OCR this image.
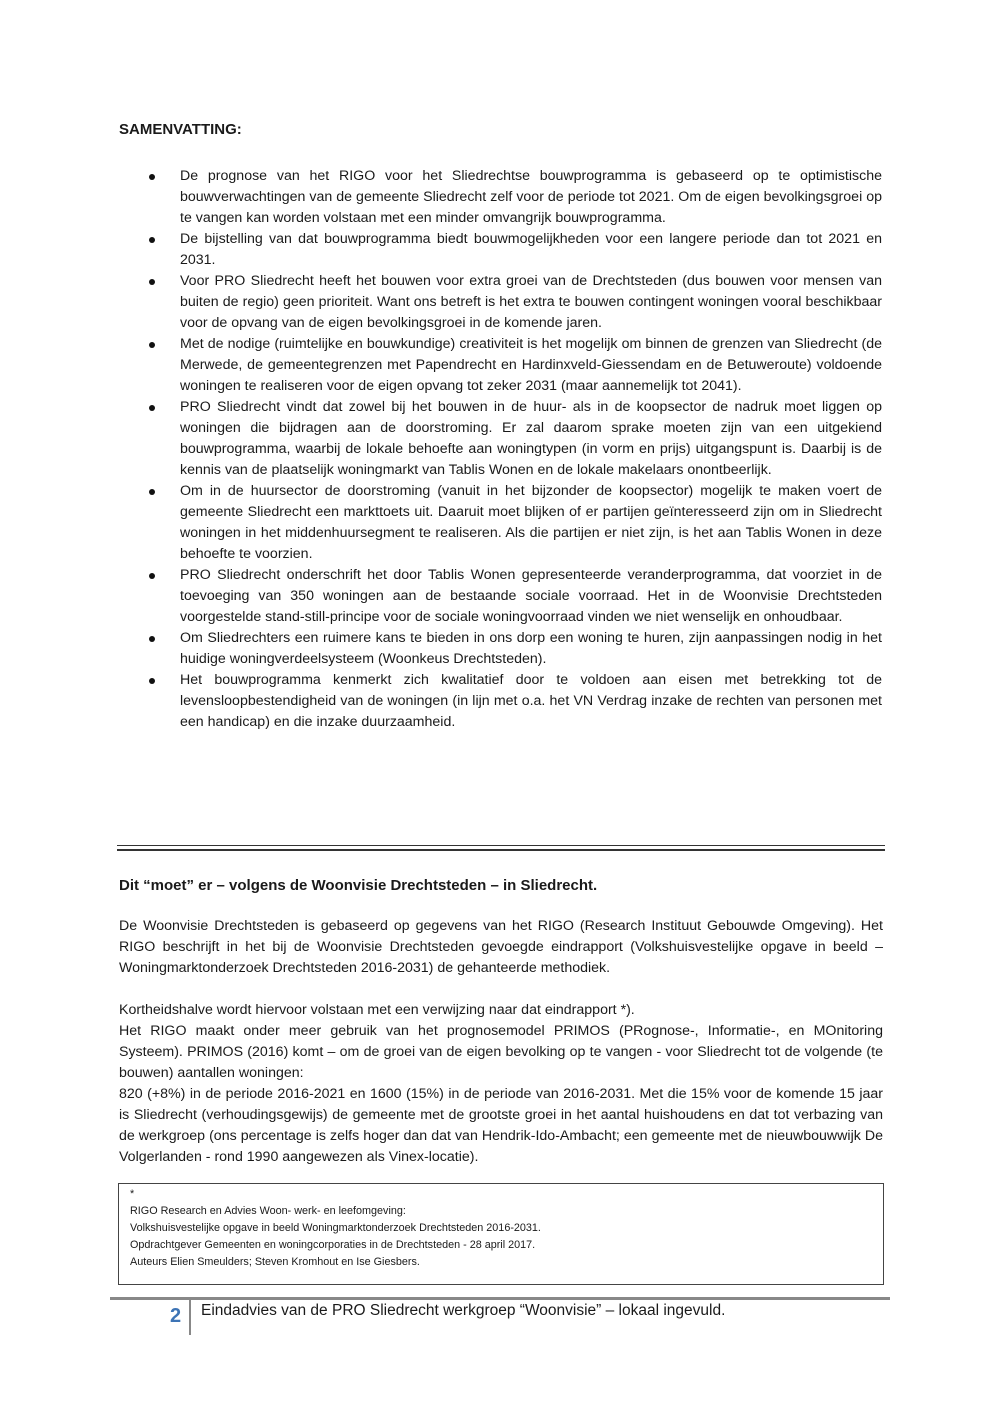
SAMENVATTING:
De prognose van het RIGO voor het Sliedrechtse bouwprogramma is gebaseerd op te optimistische bouwverwachtingen van de gemeente Sliedrecht zelf voor de periode tot 2021. Om de eigen bevolkingsgroei op te vangen kan worden volstaan met een minder omvangrijk bouwprogramma.
De bijstelling van dat bouwprogramma biedt bouwmogelijkheden voor een langere periode dan tot 2021 en 2031.
Voor PRO Sliedrecht heeft het bouwen voor extra groei van de Drechtsteden (dus bouwen voor mensen van buiten de regio) geen prioriteit. Want ons betreft is het extra te bouwen contingent woningen vooral beschikbaar voor de opvang van de eigen bevolkingsgroei in de komende jaren.
Met de nodige (ruimtelijke en bouwkundige) creativiteit is het mogelijk om binnen de grenzen van Sliedrecht (de Merwede, de gemeentegrenzen met Papendrecht en Hardinxveld-Giessendam en de Betuweroute) voldoende woningen te realiseren voor de eigen opvang tot zeker 2031 (maar aannemelijk tot 2041).
PRO Sliedrecht vindt dat zowel bij het bouwen in de huur- als in de koopsector de nadruk moet liggen op woningen die bijdragen aan de doorstroming. Er zal daarom sprake moeten zijn van een uitgekiend bouwprogramma, waarbij de lokale behoefte aan woningtypen (in vorm en prijs) uitgangspunt is. Daarbij is de kennis van de plaatselijk woningmarkt van Tablis Wonen en de lokale makelaars onontbeerlijk.
Om in de huursector de doorstroming (vanuit in het bijzonder de koopsector) mogelijk te maken voert de gemeente Sliedrecht een markttoets uit. Daaruit moet blijken of er partijen geïnteresseerd zijn om in Sliedrecht woningen in het middenhuursegment te realiseren. Als die partijen er niet zijn, is het aan Tablis Wonen in deze behoefte te voorzien.
PRO Sliedrecht onderschrift het door Tablis Wonen gepresenteerde veranderprogramma, dat voorziet in de toevoeging van 350 woningen aan de bestaande sociale voorraad. Het in de Woonvisie Drechtsteden voorgestelde stand-still-principe voor de sociale woningvoorraad vinden we niet wenselijk en onhoudbaar.
Om Sliedrechters een ruimere kans te bieden in ons dorp een woning te huren, zijn aanpassingen nodig in het huidige woningverdeelsysteem (Woonkeus Drechtsteden).
Het bouwprogramma kenmerkt zich kwalitatief door te voldoen aan eisen met betrekking tot de levensloopbestendigheid van de woningen (in lijn met o.a. het VN Verdrag inzake de rechten van personen met een handicap) en die inzake duurzaamheid.
Dit “moet” er – volgens de Woonvisie Drechtsteden – in Sliedrecht.

De Woonvisie Drechtsteden is gebaseerd op gegevens van het RIGO (Research Instituut Gebouwde Omgeving). Het RIGO beschrijft in het bij de Woonvisie Drechtsteden gevoegde eindrapport (Volkshuisvestelijke opgave in beeld – Woningmarktonderzoek Drechtsteden 2016-2031) de gehanteerde methodiek.

Kortheidshalve wordt hiervoor volstaan met een verwijzing naar dat eindrapport *).
Het RIGO maakt onder meer gebruik van het prognosemodel PRIMOS (PRognose-, Informatie-, en MOnitoring Systeem). PRIMOS (2016) komt – om de groei van de eigen bevolking op te vangen - voor Sliedrecht tot de volgende (te bouwen) aantallen woningen:
820 (+8%) in de periode 2016-2021 en 1600 (15%) in de periode van 2016-2031. Met die 15% voor de komende 15 jaar is Sliedrecht (verhoudingsgewijs) de gemeente met de grootste groei in het aantal huishoudens en dat tot verbazing van de werkgroep (ons percentage is zelfs hoger dan dat van Hendrik-Ido-Ambacht; een gemeente met de nieuwbouwwijk De Volgerlanden - rond 1990 aangewezen als Vinex-locatie).
*
RIGO Research en Advies Woon- werk- en leefomgeving:
Volkshuisvestelijke opgave in beeld Woningmarktonderzoek Drechtsteden 2016-2031.
Opdrachtgever Gemeenten en woningcorporaties in de Drechtsteden - 28 april 2017.
Auteurs Elien Smeulders; Steven Kromhout en Ise Giesbers.
2 Eindadvies van de PRO Sliedrecht werkgroep “Woonvisie” – lokaal ingevuld.
